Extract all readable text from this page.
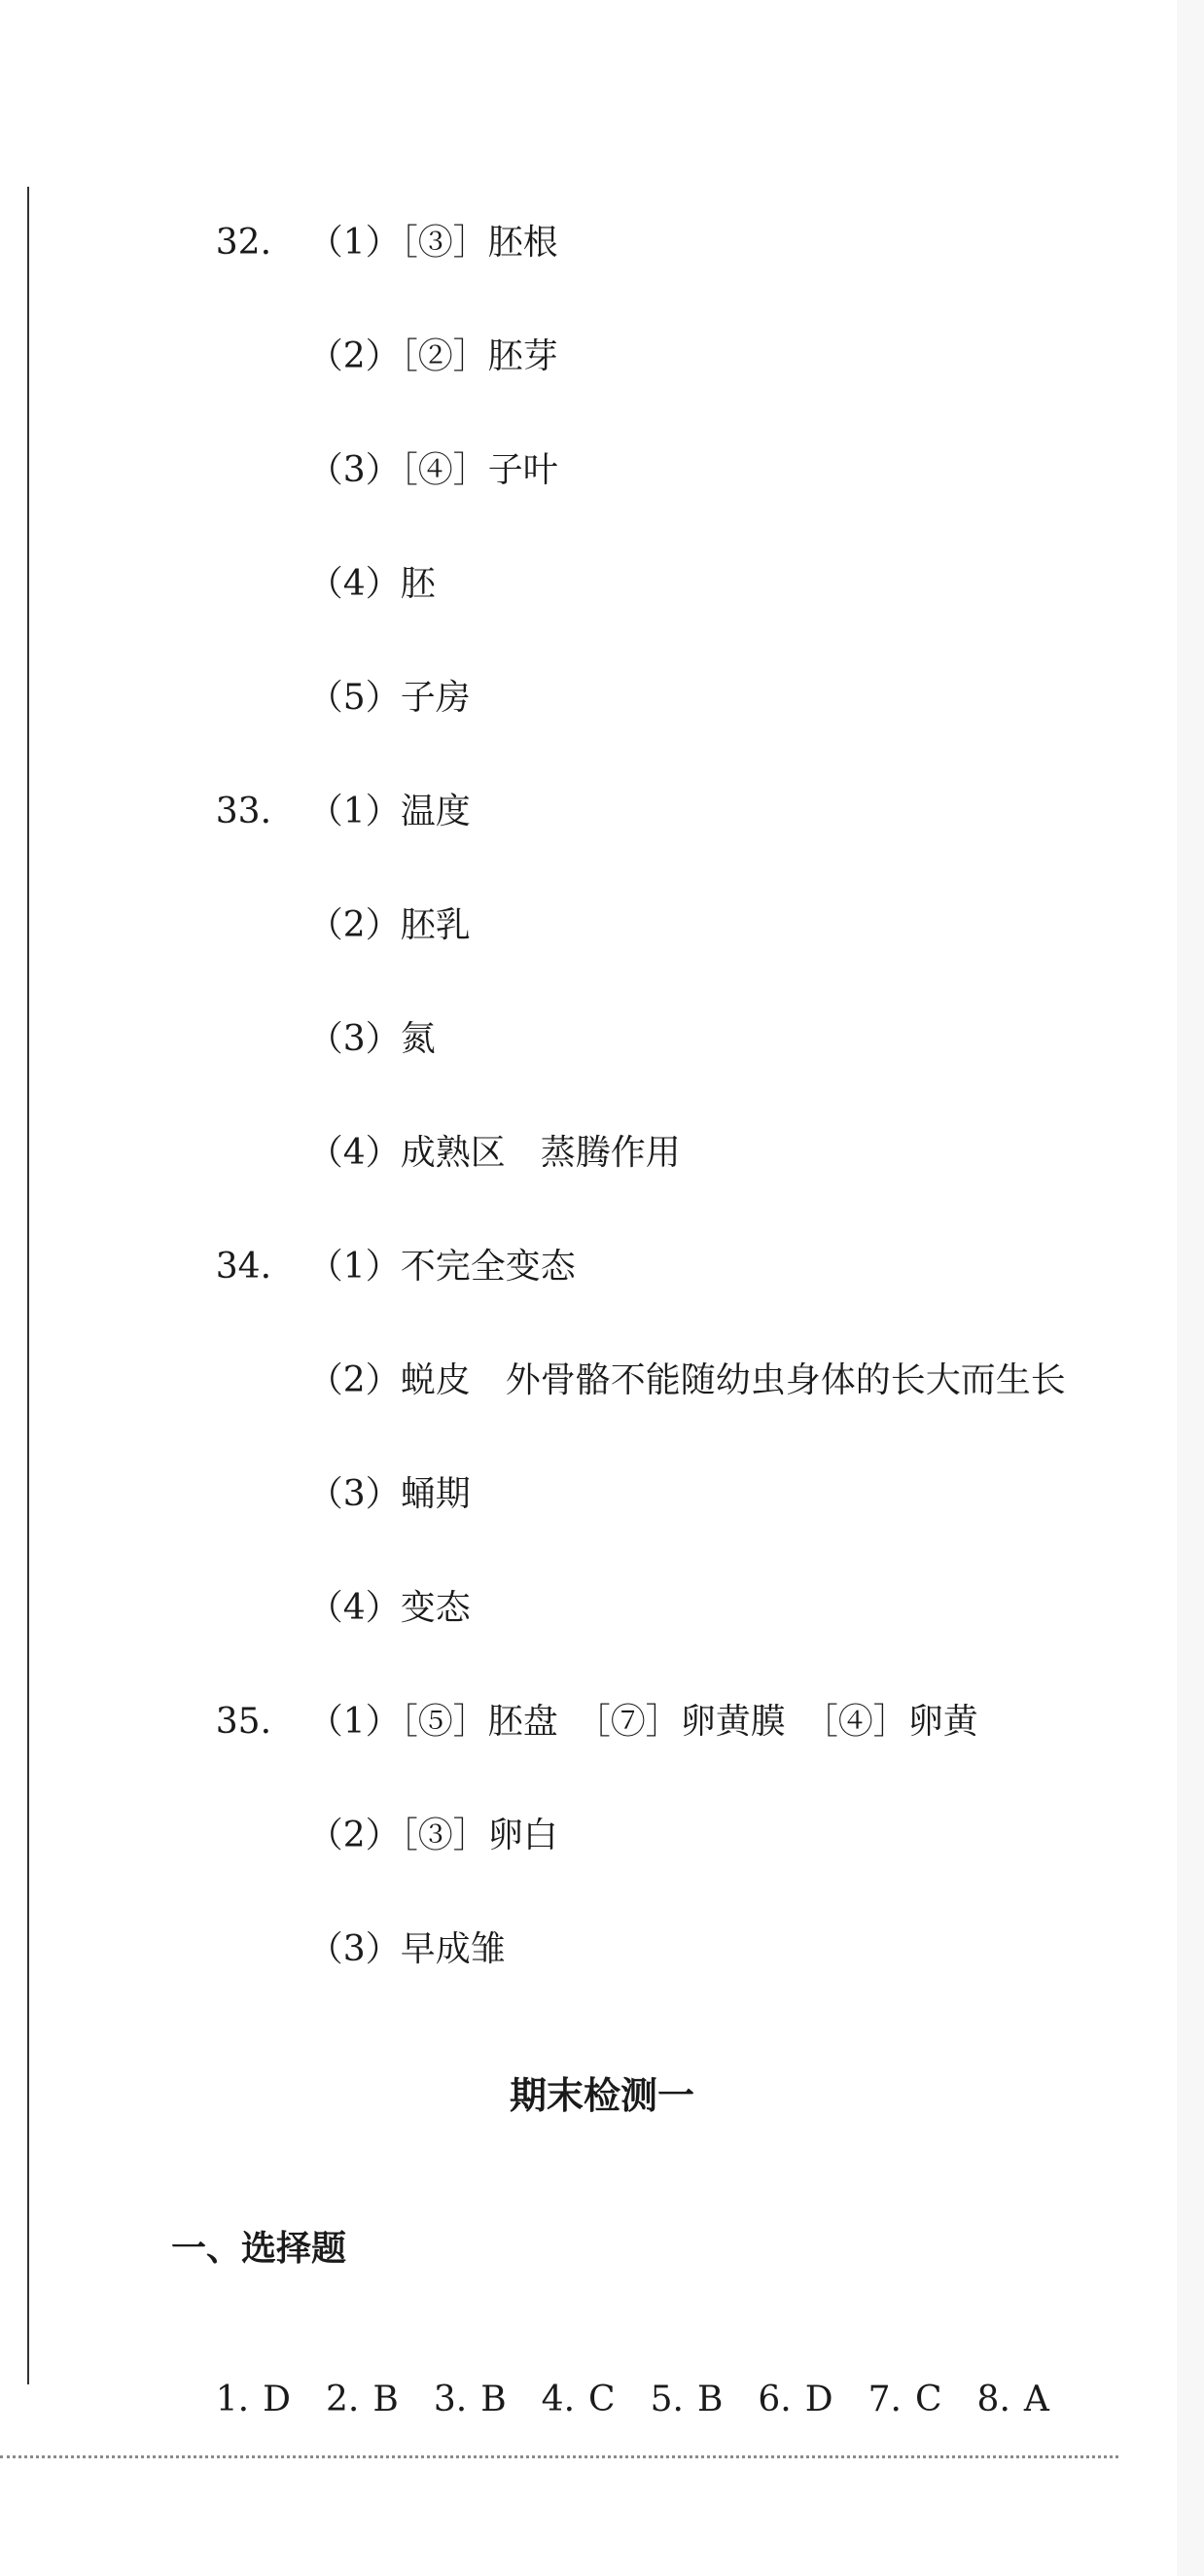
32. （1）［③］胚根

（2）［②］胚芽

（3）［④］子叶

（4）胚

（5）子房

33. （1）温度

（2）胚乳

（3）氮

（4）成熟区　蒸腾作用

34. （1）不完全变态

（2）蜕皮　外骨骼不能随幼虫身体的长大而生长

（3）蛹期

（4）变态

35. （1）［⑤］胚盘　［⑦］卵黄膜　［④］卵黄

（2）［③］卵白

（3）早成雏

期末检测一
一、选择题

1. D 2. B 3. B 4. C 5. B 6. D 7. C 8. A
